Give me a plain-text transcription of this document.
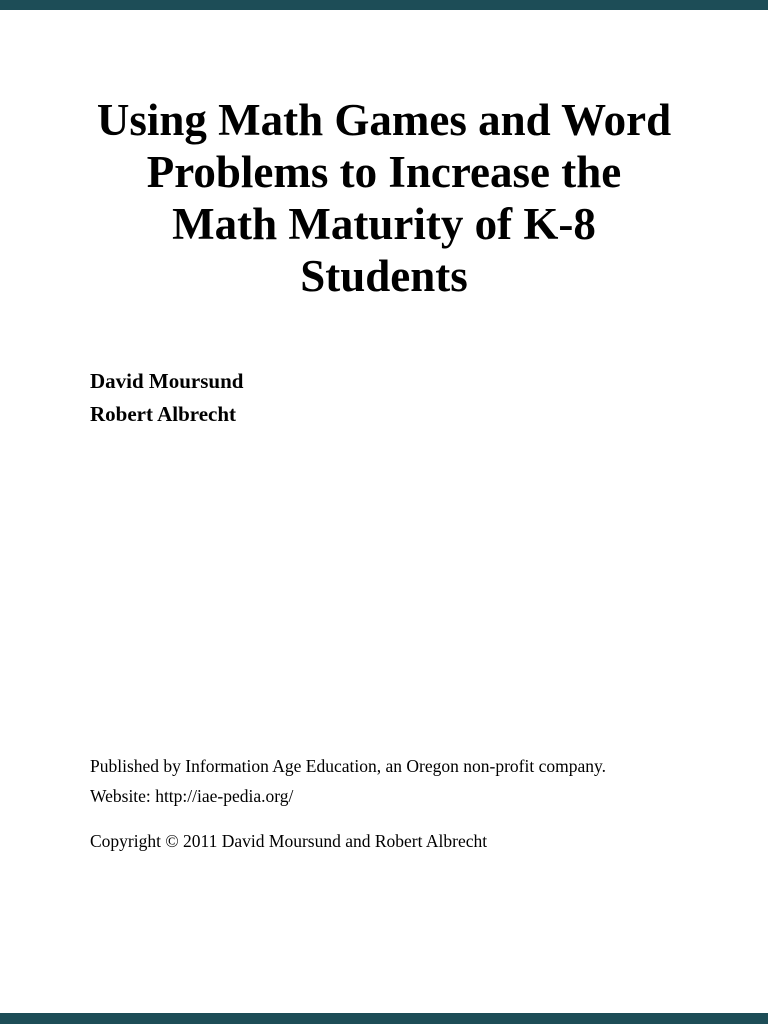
Using Math Games and Word
Problems to Increase the
Math Maturity of K-8
Students
David Moursund
Robert Albrecht
Published by Information Age Education, an Oregon non-profit company.
Website: http://iae-pedia.org/
Copyright © 2011 David Moursund and Robert Albrecht
